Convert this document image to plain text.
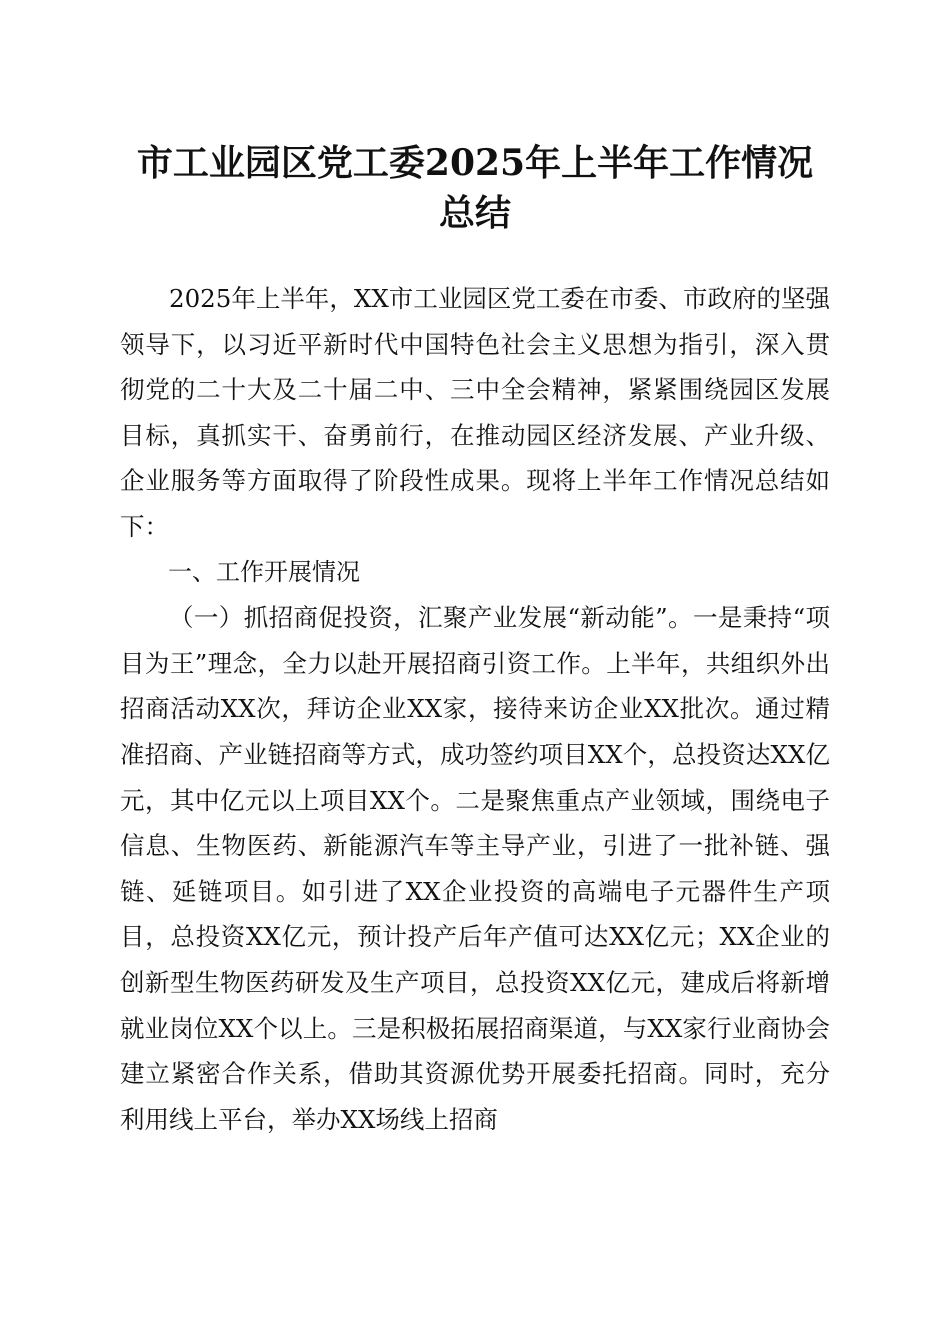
市工业园区党工委2025年上半年工作情况总结

2025年上半年，XX市工业园区党工委在市委、市政府的坚强领导下，以习近平新时代中国特色社会主义思想为指引，深入贯彻党的二十大及二十届二中、三中全会精神，紧紧围绕园区发展目标，真抓实干、奋勇前行，在推动园区经济发展、产业升级、企业服务等方面取得了阶段性成果。现将上半年工作情况总结如下：

一、工作开展情况

（一）抓招商促投资，汇聚产业发展“新动能”。一是秉持“项目为王”理念，全力以赴开展招商引资工作。上半年，共组织外出招商活动XX次，拜访企业XX家，接待来访企业XX批次。通过精准招商、产业链招商等方式，成功签约项目XX个，总投资达XX亿元，其中亿元以上项目XX个。二是聚焦重点产业领域，围绕电子信息、生物医药、新能源汽车等主导产业，引进了一批补链、强链、延链项目。如引进了XX企业投资的高端电子元器件生产项目，总投资XX亿元，预计投产后年产值可达XX亿元；XX企业的创新型生物医药研发及生产项目，总投资XX亿元，建成后将新增就业岗位XX个以上。三是积极拓展招商渠道，与XX家行业商协会建立紧密合作关系，借助其资源优势开展委托招商。同时，充分利用线上平台，举办XX场线上招商
